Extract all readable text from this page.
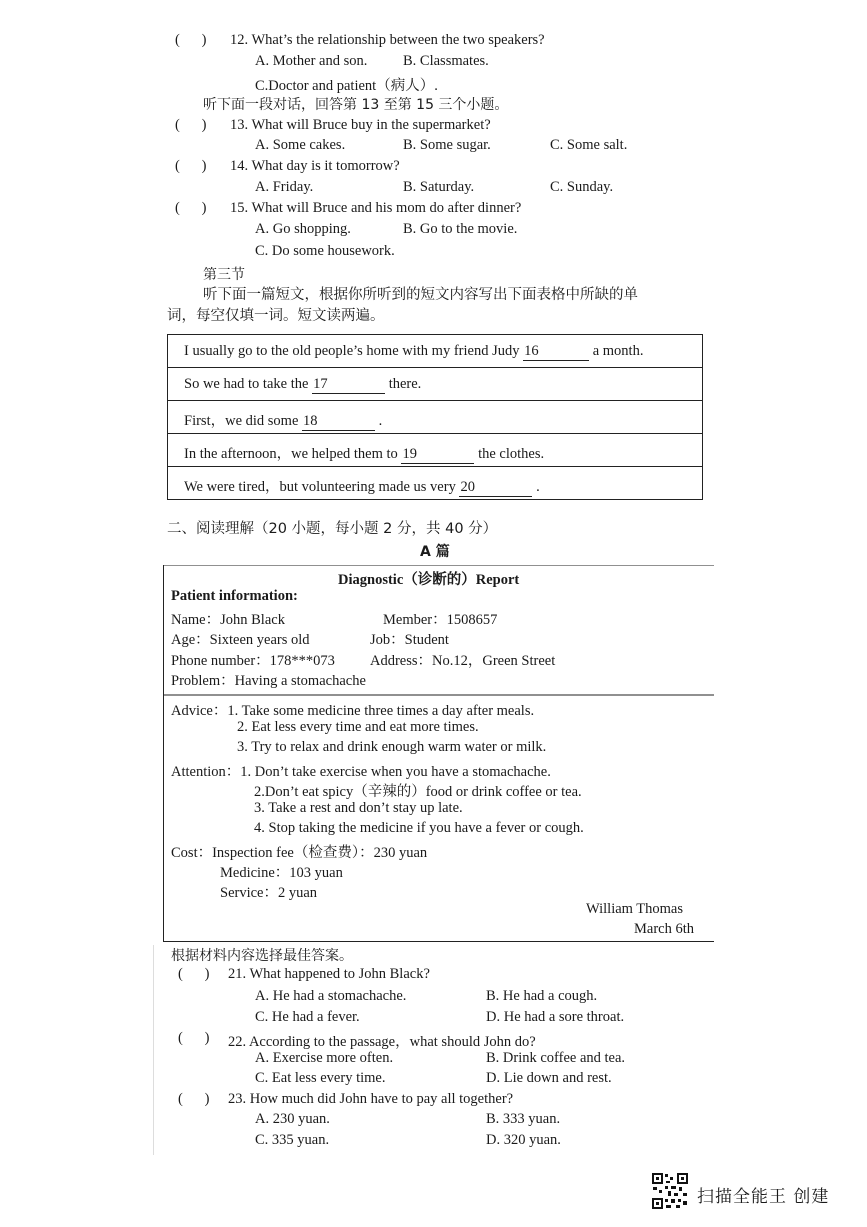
(      ) 12. What’s the relationship between the two speakers?
A. Mother and son. B. Classmates.
C.Doctor and patient（病人）.
听下面一段对话，回答第 13 至第 15 三个小题。
(      ) 13. What will Bruce buy in the supermarket?
A. Some cakes.	B. Some sugar.	C. Some salt.
(      ) 14. What day is it tomorrow?
A. Friday.	B. Saturday.	C. Sunday.
(      ) 15. What will Bruce and his mom do after dinner?
A. Go shopping.	B. Go to the movie.
C. Do some housework.
第三节
听下面一篇短文，根据你所听到的短文内容写出下面表格中所缺的单
词，每空仅填一词。短文读两遍。
I usually go to the old people’s home with my friend Judy 16	a month.
So we had to take the 17	there.
First，we did some 18	.
In the afternoon，we helped them to 19	the clothes.
We were tired，but volunteering made us very 20	.
二、阅读理解（20 小题，每小题 2 分，共 40 分）
A 篇
Diagnostic（诊断的）Report
Patient information:
Name：John Black	Member：1508657
Age：Sixteen years old	Job：Student
Phone number：178***073 Address：No.12，Green Street
Problem：Having a stomachache
Advice：1. Take some medicine three times a day after meals.
2. Eat less every time and eat more times.
3. Try to relax and drink enough warm water or milk.
Attention：1. Don’t take exercise when you have a stomachache.
2.Don’t eat spicy（辛辣的）food or drink coffee or tea.
3. Take a rest and don’t stay up late.
4. Stop taking the medicine if you have a fever or cough.
Cost：Inspection fee（检查费）：230 yuan
Medicine：103 yuan
Service：2 yuan
William Thomas
March 6th
根据材料内容选择最佳答案。
(      ) 21. What happened to John Black?
A. He had a stomachache.	B. He had a cough.
C. He had a fever.	D. He had a sore throat.
(      ) 22. According to the passage，what should John do?
A. Exercise more often.	B. Drink coffee and tea.
C. Eat less every time.	D. Lie down and rest.
(      ) 23. How much did John have to pay all together?
A. 230 yuan.	B. 333 yuan.
C. 335 yuan.	D. 320 yuan.
扫描全能王 创建
